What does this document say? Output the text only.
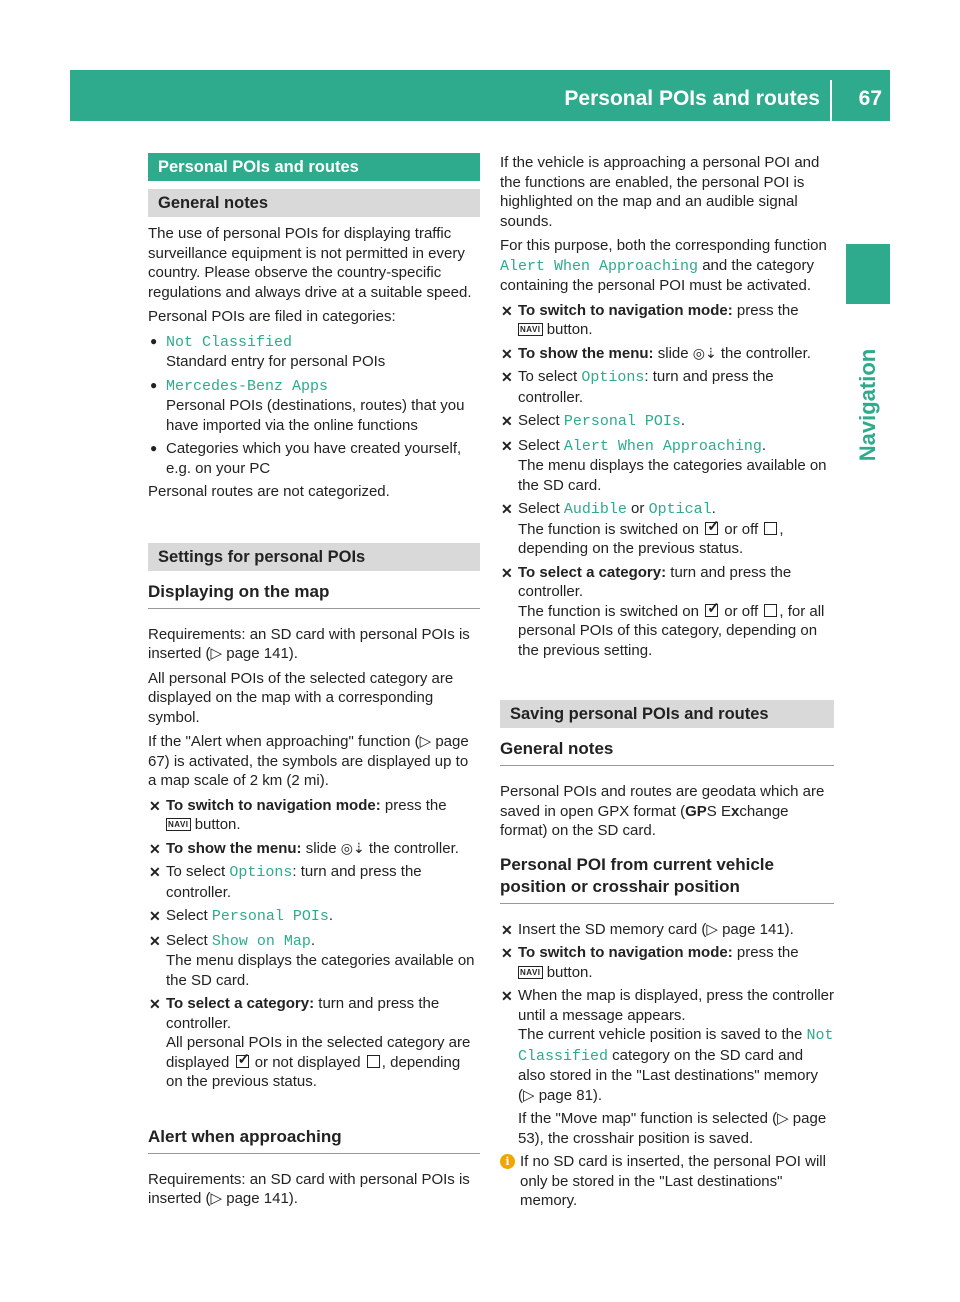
Personal POIs and routes 67
Navigation
Personal POIs and routes
General notes

The use of personal POIs for displaying traffic surveillance equipment is not permitted in every country. Please observe the country-specific regulations and always drive at a suitable speed.

Personal POIs are filed in categories:

● Not Classified
Standard entry for personal POIs
● Mercedes-Benz Apps
Personal POIs (destinations, routes) that you have imported via the online functions
● Categories which you have created yourself, e.g. on your PC

Personal routes are not categorized.

Settings for personal POIs
Displaying on the map

Requirements: an SD card with personal POIs is inserted (▷ page 141).

All personal POIs of the selected category are displayed on the map with a corresponding symbol.

If the "Alert when approaching" function (▷ page 67) is activated, the symbols are displayed up to a map scale of 2 km (2 mi).

✕ To switch to navigation mode: press the
NAVI button.
✕ To show the menu: slide ◎⇣ the controller.
✕ To select Options: turn and press the controller.
✕ Select Personal POIs.
✕ Select Show on Map.
The menu displays the categories available on the SD card.
✕ To select a category: turn and press the controller.
All personal POIs in the selected category are displayed ✓ or not displayed , depending on the previous status.
Alert when approaching

Requirements: an SD card with personal POIs is inserted (▷ page 141).

If the vehicle is approaching a personal POI and the functions are enabled, the personal POI is highlighted on the map and an audible signal sounds.

For this purpose, both the corresponding function Alert When Approaching and the category containing the personal POI must be activated.

✕ To switch to navigation mode: press the
NAVI button.
✕ To show the menu: slide ◎⇣ the controller.
✕ To select Options: turn and press the controller.
✕ Select Personal POIs.
✕ Select Alert When Approaching.
The menu displays the categories available on the SD card.
✕ Select Audible or Optical.
The function is switched on ✓ or off , depending on the previous status.
✕ To select a category: turn and press the controller.
The function is switched on ✓ or off , for all personal POIs of this category, depending on the previous setting.
Saving personal POIs and routes
General notes

Personal POIs and routes are geodata which are saved in open GPX format (GPS Exchange format) on the SD card.

Personal POI from current vehicle position or crosshair position
✕ Insert the SD memory card (▷ page 141).
✕ To switch to navigation mode: press the
NAVI button.
✕ When the map is displayed, press the controller until a message appears.
The current vehicle position is saved to the Not Classified category on the SD card and also stored in the "Last destinations" memory (▷ page 81).
If the "Move map" function is selected (▷ page 53), the crosshair position is saved.
i If no SD card is inserted, the personal POI will only be stored in the "Last destinations" memory.
